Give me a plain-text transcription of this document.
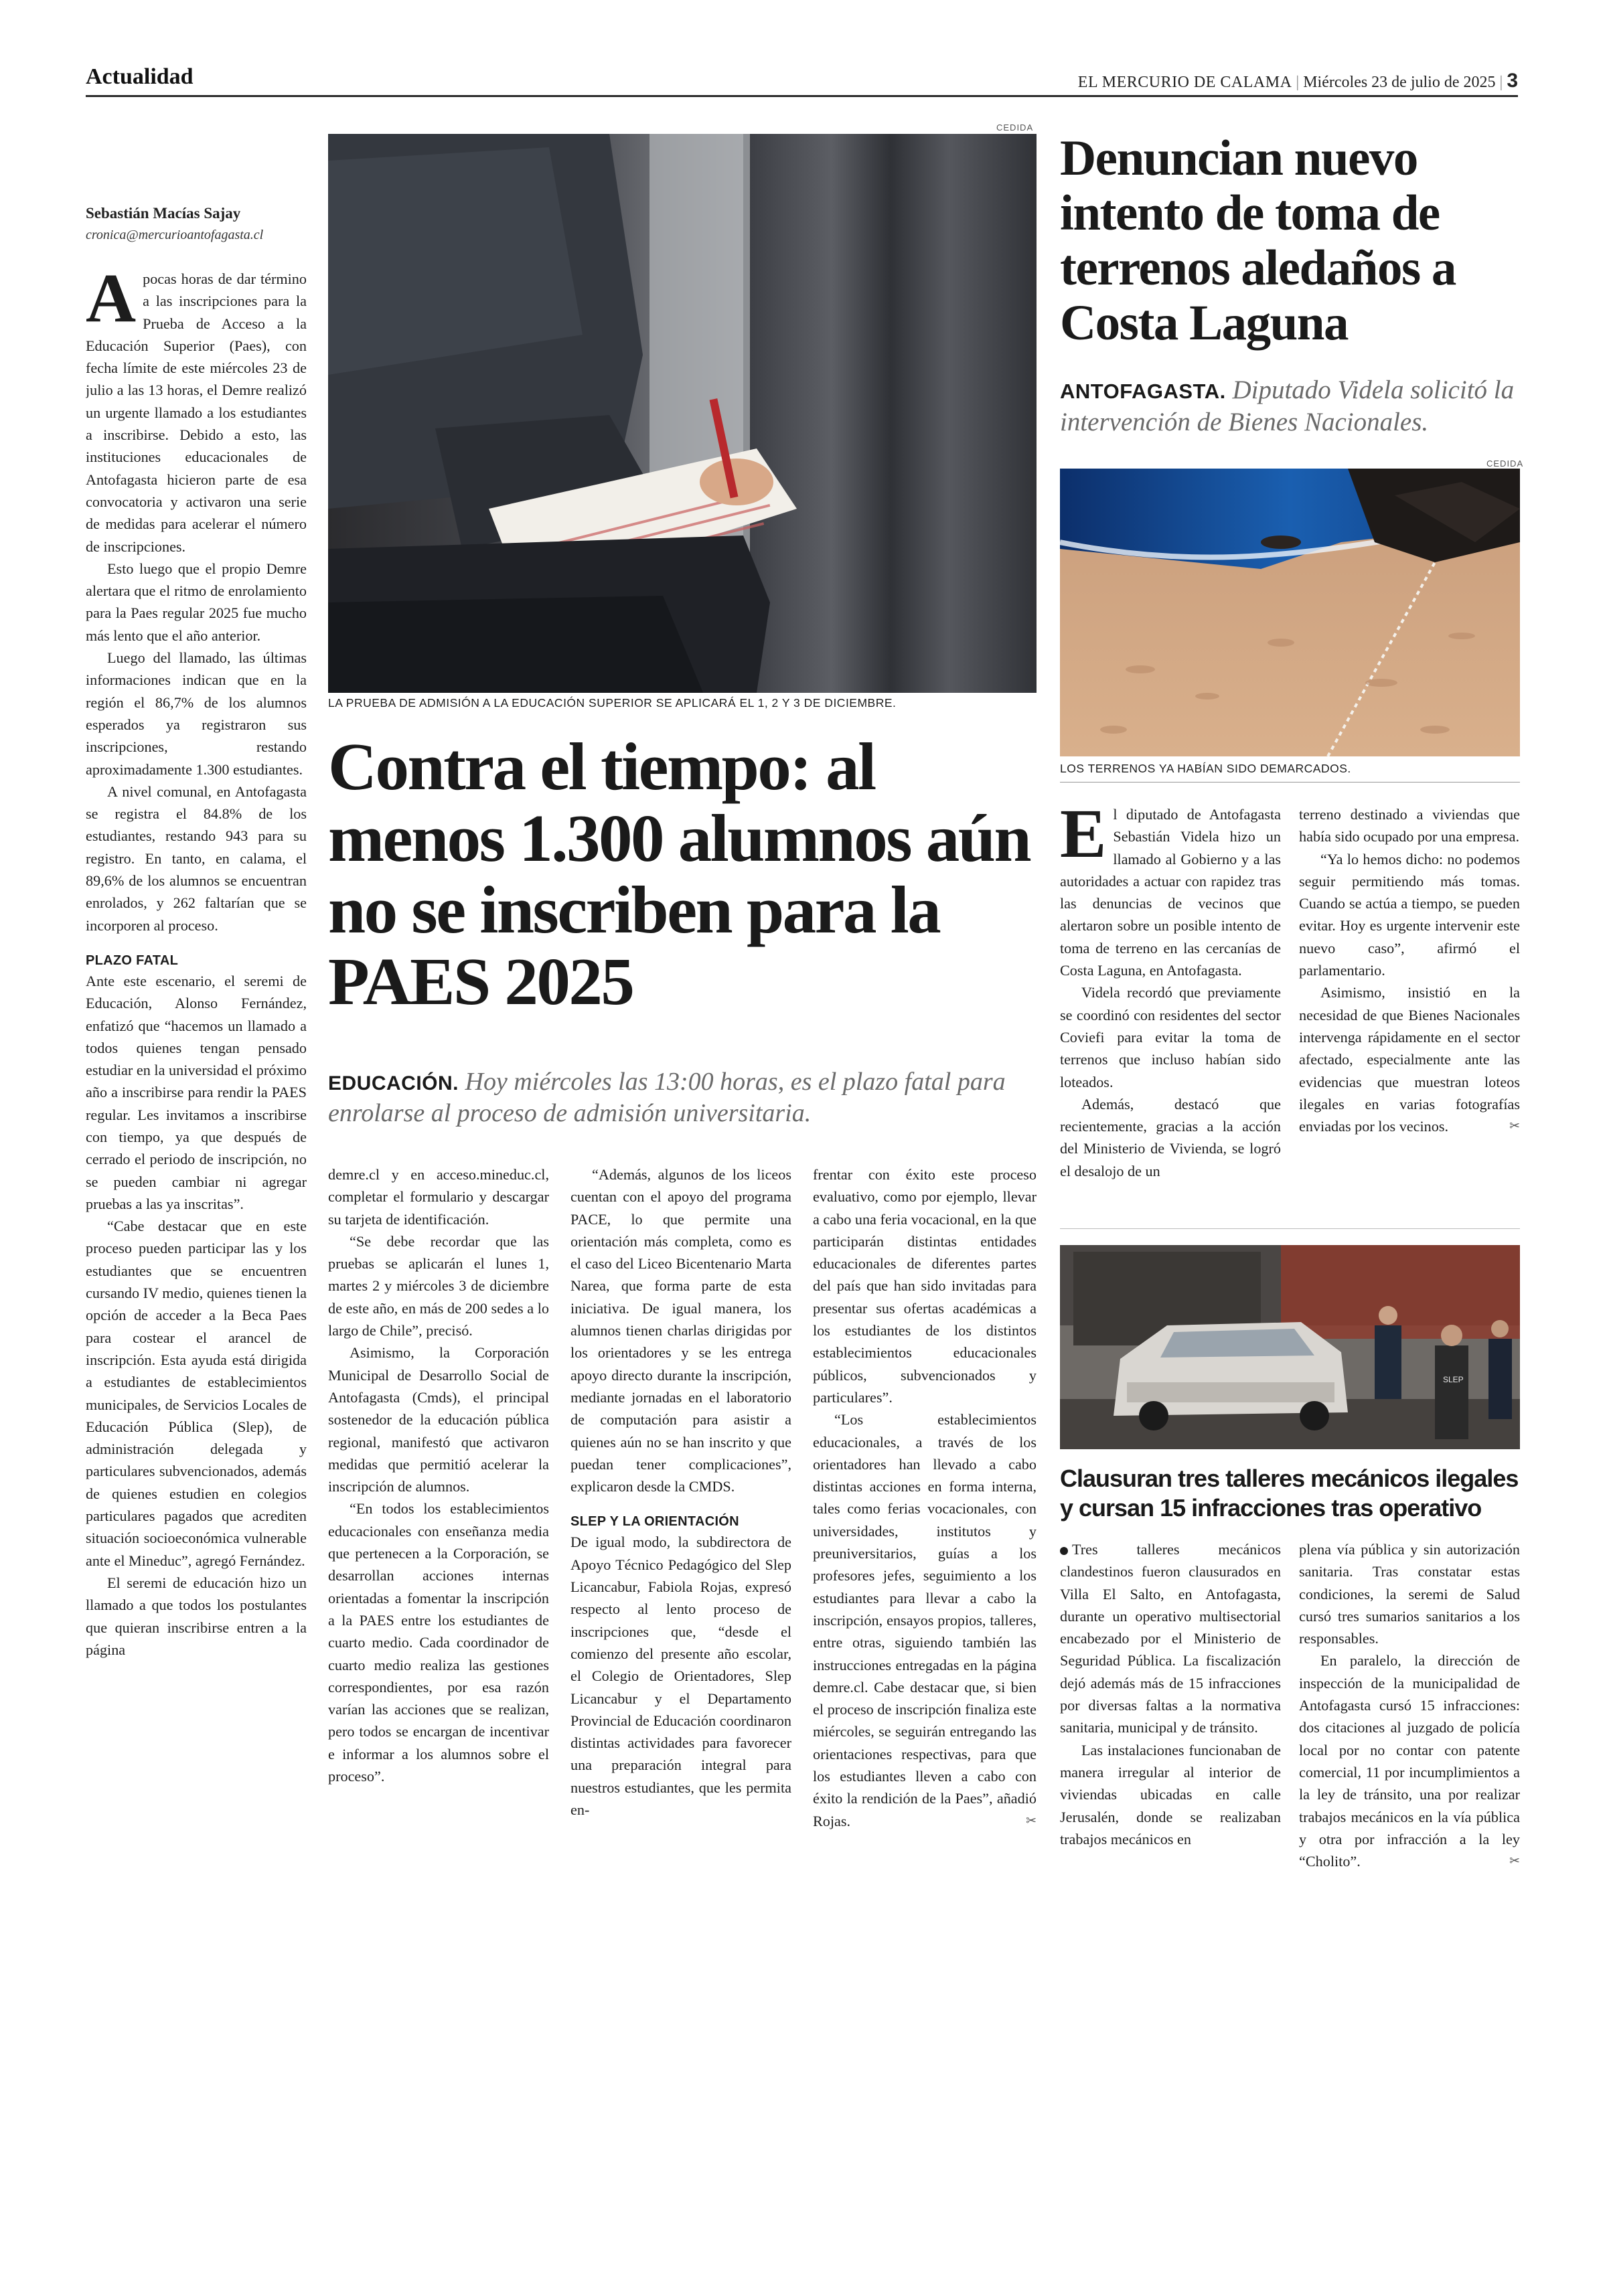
Actualidad	EL MERCURIO DE CALAMA | Miércoles 23 de julio de 2025 | 3
Sebastián Macías Sajay
cronica@mercurioantofagasta.cl

Apocas horas de dar término a las inscripciones para la Prueba de Acceso a la Educación Superior (Paes), con fecha límite de este miércoles 23 de julio a las 13 horas, el Demre realizó un urgente llamado a los estudiantes a inscribirse. Debido a esto, las instituciones educacionales de Antofagasta hicieron parte de esa convocatoria y activaron una serie de medidas para acelerar el número de inscripciones.

Esto luego que el propio Demre alertara que el ritmo de enrolamiento para la Paes regular 2025 fue mucho más lento que el año anterior.

Luego del llamado, las últimas informaciones indican que en la región el 86,7% de los alumnos esperados ya registraron sus inscripciones, restando aproximadamente 1.300 estudiantes.

A nivel comunal, en Antofagasta se registra el 84.8% de los estudiantes, restando 943 para su registro. En tanto, en calama, el 89,6% de los alumnos se encuentran enrolados, y 262 faltarían que se incorporen al proceso.

PLAZO FATAL

Ante este escenario, el seremi de Educación, Alonso Fernández, enfatizó que “hacemos un llamado a todos quienes tengan pensado estudiar en la universidad el próximo año a inscribirse para rendir la PAES regular. Les invitamos a inscribirse con tiempo, ya que después de cerrado el periodo de inscripción, no se pueden cambiar ni agregar pruebas a las ya inscritas”.

“Cabe destacar que en este proceso pueden participar las y los estudiantes que se encuentren cursando IV medio, quienes tienen la opción de acceder a la Beca Paes para costear el arancel de inscripción. Esta ayuda está dirigida a estudiantes de establecimientos municipales, de Servicios Locales de Educación Pública (Slep), de administración delegada y particulares subvencionados, además de quienes estudien en colegios particulares pagados que acrediten situación socioeconómica vulnerable ante el Mineduc”, agregó Fernández.

El seremi de educación hizo un llamado a que todos los postulantes que quieran inscribirse entren a la página

CEDIDA
LA PRUEBA DE ADMISIÓN A LA EDUCACIÓN SUPERIOR SE APLICARÁ EL 1, 2 Y 3 DE DICIEMBRE.
Contra el tiempo: al menos 1.300 alumnos aún no se inscriben para la PAES 2025
EDUCACIÓN. Hoy miércoles las 13:00 horas, es el plazo fatal para enrolarse al proceso de admisión universitaria.

demre.cl y en acceso.mineduc.cl, completar el formulario y descargar su tarjeta de identificación.

“Se debe recordar que las pruebas se aplicarán el lunes 1, martes 2 y miércoles 3 de diciembre de este año, en más de 200 sedes a lo largo de Chile”, precisó.

Asimismo, la Corporación Municipal de Desarrollo Social de Antofagasta (Cmds), el principal sostenedor de la educación pública regional, manifestó que activaron medidas que permitió acelerar la inscripción de alumnos.

“En todos los establecimientos educacionales con enseñanza media que pertenecen a la Corporación, se desarrollan acciones internas orientadas a fomentar la inscripción a la PAES entre los estudiantes de cuarto medio. Cada coordinador de cuarto medio realiza las gestiones correspondientes, por esa razón varían las acciones que se realizan, pero todos se encargan de incentivar e informar a los alumnos sobre el proceso”.

“Además, algunos de los liceos cuentan con el apoyo del programa PACE, lo que permite una orientación más completa, como es el caso del Liceo Bicentenario Marta Narea, que forma parte de esta iniciativa. De igual manera, los alumnos tienen charlas dirigidas por los orientadores y se les entrega apoyo directo durante la inscripción, mediante jornadas en el laboratorio de computación para asistir a quienes aún no se han inscrito y que puedan tener complicaciones”, explicaron desde la CMDS.

SLEP Y LA ORIENTACIÓN

De igual modo, la subdirectora de Apoyo Técnico Pedagógico del Slep Licancabur, Fabiola Rojas, expresó respecto al lento proceso de inscripciones que, “desde el comienzo del presente año escolar, el Colegio de Orientadores, Slep Licancabur y el Departamento Provincial de Educación coordinaron distintas actividades para favorecer una preparación integral para nuestros estudiantes, que les permita en-

frentar con éxito este proceso evaluativo, como por ejemplo, llevar a cabo una feria vocacional, en la que participarán distintas entidades educacionales de diferentes partes del país que han sido invitadas para presentar sus ofertas académicas a los estudiantes de los distintos establecimientos educacionales públicos, subvencionados y particulares”.

“Los establecimientos educacionales, a través de los orientadores han llevado a cabo distintas acciones en forma interna, tales como ferias vocacionales, con universidades, institutos y preuniversitarios, guías a los profesores jefes, seguimiento a los estudiantes para llevar a cabo la inscripción, ensayos propios, talleres, entre otras, siguiendo también las instrucciones entregadas en la página demre.cl. Cabe destacar que, si bien el proceso de inscripción finaliza este miércoles, se seguirán entregando las orientaciones respectivas, para que los estudiantes lleven a cabo con éxito la rendición de la Paes”, añadió Rojas.	✂

Denuncian nuevo intento de toma de terrenos aledaños a Costa Laguna
ANTOFAGASTA. Diputado Videla solicitó la intervención de Bienes Nacionales.
CEDIDA
LOS TERRENOS YA HABÍAN SIDO DEMARCADOS.

El diputado de Antofagasta Sebastián Videla hizo un llamado al Gobierno y a las autoridades a actuar con rapidez tras las denuncias de vecinos que alertaron sobre un posible intento de toma de terreno en las cercanías de Costa Laguna, en Antofagasta.

Videla recordó que previamente se coordinó con residentes del sector Coviefi para evitar la toma de terrenos que incluso habían sido loteados.

Además, destacó que recientemente, gracias a la acción del Ministerio de Vivienda, se logró el desalojo de un

terreno destinado a viviendas que había sido ocupado por una empresa.

“Ya lo hemos dicho: no podemos seguir permitiendo más tomas. Cuando se actúa a tiempo, se pueden evitar. Hoy es urgente intervenir este nuevo caso”, afirmó el parlamentario.

Asimismo, insistió en la necesidad de que Bienes Nacionales intervenga rápidamente en el sector afectado, especialmente ante las evidencias que muestran loteos ilegales en varias fotografías enviadas por los vecinos.	✂

SLEP
Clausuran tres talleres mecánicos ilegales y cursan 15 infracciones tras operativo

Tres talleres mecánicos clandestinos fueron clausurados en Villa El Salto, en Antofagasta, durante un operativo multisectorial encabezado por el Ministerio de Seguridad Pública. La fiscalización dejó además más de 15 infracciones por diversas faltas a la normativa sanitaria, municipal y de tránsito.

Las instalaciones funcionaban de manera irregular al interior de viviendas ubicadas en calle Jerusalén, donde se realizaban trabajos mecánicos en

plena vía pública y sin autorización sanitaria. Tras constatar estas condiciones, la seremi de Salud cursó tres sumarios sanitarios a los responsables.

En paralelo, la dirección de inspección de la municipalidad de Antofagasta cursó 15 infracciones: dos citaciones al juzgado de policía local por no contar con patente comercial, 11 por incumplimientos a la ley de tránsito, una por realizar trabajos mecánicos en la vía pública y otra por infracción a la ley “Cholito”.	✂
